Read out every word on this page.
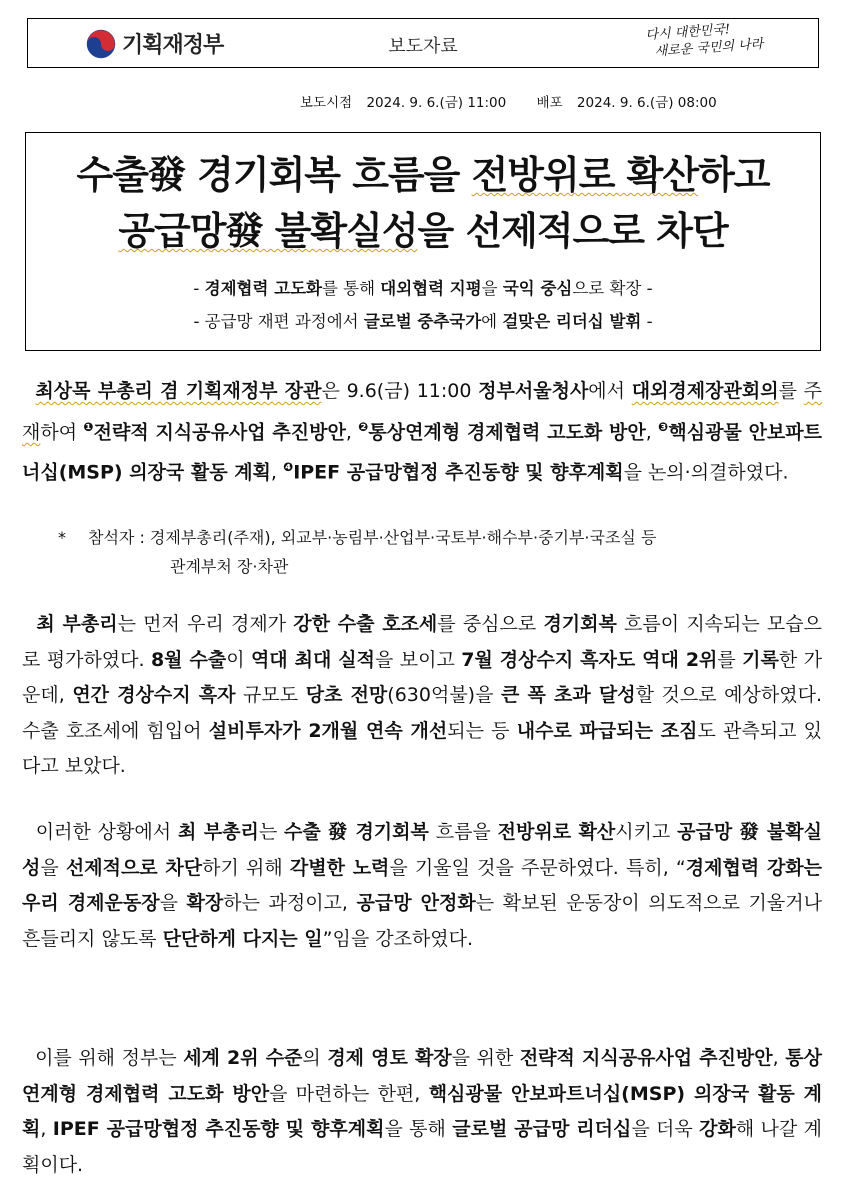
기획재정부	보도자료
다시 대한민국!
새로운 국민의 나라
보도시점 2024. 9. 6.(금) 11:00 배포 2024. 9. 6.(금) 08:00
수출發 경기회복 흐름을 전방위로 확산하고
공급망發 불확실성을 선제적으로 차단
- 경제협력 고도화를 통해 대외협력 지평을 국익 중심으로 확장 -
- 공급망 재편 과정에서 글로벌 중추국가에 걸맞은 리더십 발휘 -

최상목 부총리 겸 기획재정부 장관은 9.6(금) 11:00 정부서울청사에서 대외경제장관회의를 주재하여 $^❶$전략적 지식공유사업 추진방안, $^❷$통상연계형 경제협력 고도화 방안, $^❸$핵심광물 안보파트너십(MSP) 의장국 활동 계획, $^❹$IPEF 공급망협정 추진동향 및 향후계획을 논의·의결하였다.

* 참석자 : 경제부총리(주재), 외교부·농림부·산업부·국토부·해수부·중기부·국조실 등
관계부처 장·차관

최 부총리는 먼저 우리 경제가 강한 수출 호조세를 중심으로 경기회복 흐름이 지속되는 모습으로 평가하였다. 8월 수출이 역대 최대 실적을 보이고 7월 경상수지 흑자도 역대 2위를 기록한 가운데, 연간 경상수지 흑자 규모도 당초 전망(630억불)을 큰 폭 초과 달성할 것으로 예상하였다. 수출 호조세에 힘입어 설비투자가 2개월 연속 개선되는 등 내수로 파급되는 조짐도 관측되고 있다고 보았다.

이러한 상황에서 최 부총리는 수출 發 경기회복 흐름을 전방위로 확산시키고 공급망 發 불확실성을 선제적으로 차단하기 위해 각별한 노력을 기울일 것을 주문하였다. 특히, “경제협력 강화는 우리 경제운동장을 확장하는 과정이고, 공급망 안정화는 확보된 운동장이 의도적으로 기울거나 흔들리지 않도록 단단하게 다지는 일”임을 강조하였다.

이를 위해 정부는 세계 2위 수준의 경제 영토 확장을 위한 전략적 지식공유사업 추진방안, 통상연계형 경제협력 고도화 방안을 마련하는 한편, 핵심광물 안보파트너십(MSP) 의장국 활동 계획, IPEF 공급망협정 추진동향 및 향후계획을 통해 글로벌 공급망 리더십을 더욱 강화해 나갈 계획이다.
